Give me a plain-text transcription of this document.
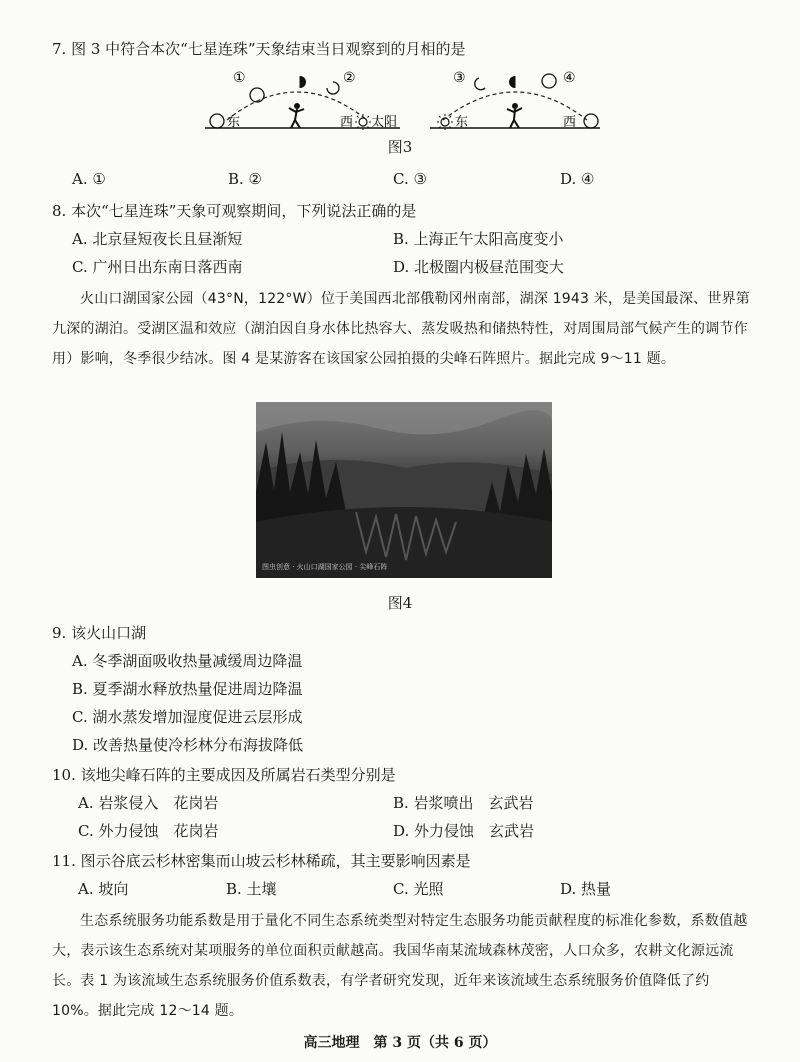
7. 图 3 中符合本次“七星连珠”天象结束当日观察到的月相的是
东
①	②
西 太阳
③	④
东	西
图3
A. ①	B. ②	C. ③	D. ④
8. 本次“七星连珠”天象可观察期间，下列说法正确的是
A. 北京昼短夜长且昼渐短	B. 上海正午太阳高度变小
C. 广州日出东南日落西南	D. 北极圈内极昼范围变大
火山口湖国家公园（43°N，122°W）位于美国西北部俄勒冈州南部，湖深 1943 米，是美国最深、世界第九深的湖泊。受湖区温和效应（湖泊因自身水体比热容大、蒸发吸热和储热特性，对周围局部气候产生的调节作用）影响，冬季很少结冰。图 4 是某游客在该国家公园拍摄的尖峰石阵照片。据此完成 9～11 题。
图虫创意 · 火山口湖国家公园 · 尖峰石阵
图4
9. 该火山口湖
A. 冬季湖面吸收热量减缓周边降温
B. 夏季湖水释放热量促进周边降温
C. 湖水蒸发增加湿度促进云层形成
D. 改善热量使冷杉林分布海拔降低
10. 该地尖峰石阵的主要成因及所属岩石类型分别是
A. 岩浆侵入　花岗岩	B. 岩浆喷出　玄武岩
C. 外力侵蚀　花岗岩	D. 外力侵蚀　玄武岩
11. 图示谷底云杉林密集而山坡云杉林稀疏，其主要影响因素是
A. 坡向	B. 土壤	C. 光照	D. 热量
生态系统服务功能系数是用于量化不同生态系统类型对特定生态服务功能贡献程度的标准化参数，系数值越大，表示该生态系统对某项服务的单位面积贡献越高。我国华南某流域森林茂密，人口众多，农耕文化源远流长。表 1 为该流域生态系统服务价值系数表，有学者研究发现，近年来该流域生态系统服务价值降低了约 10%。据此完成 12～14 题。
高三地理　第 3 页（共 6 页）
